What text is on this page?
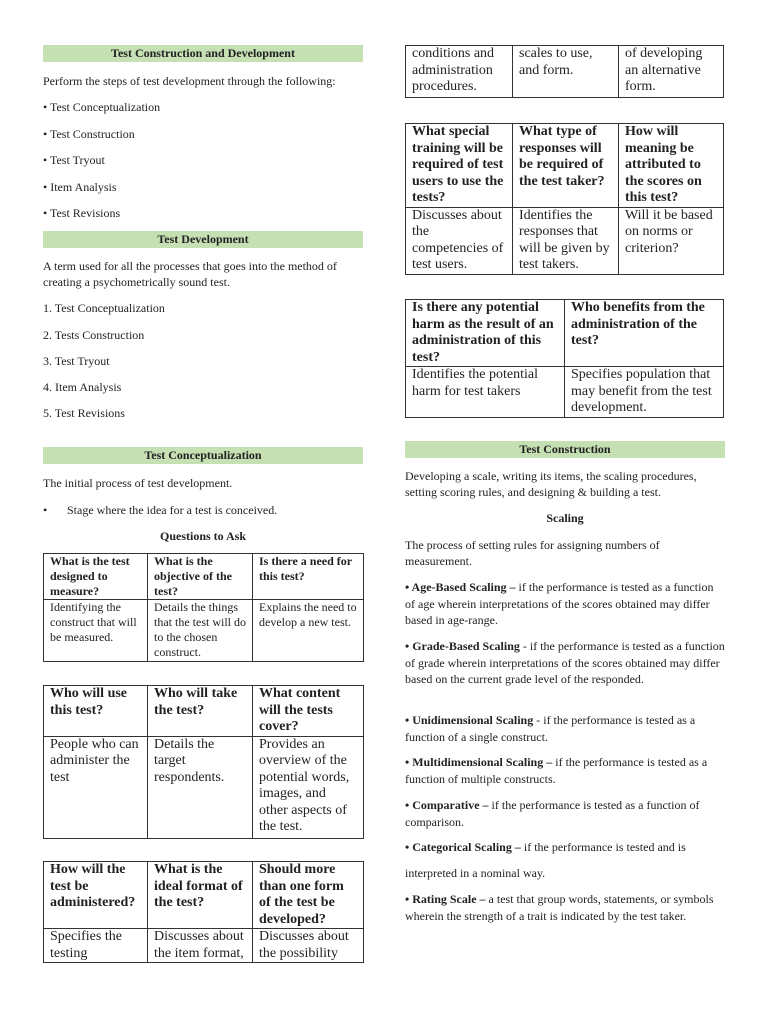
Test Construction and Development
Perform the steps of test development through the following:
• Test Conceptualization
• Test Construction
• Test Tryout
• Item Analysis
• Test Revisions
Test Development
A term used for all the processes that goes into the method of
creating a psychometrically sound test.
1. Test Conceptualization
2. Tests Construction
3. Test Tryout
4. Item Analysis
5. Test Revisions
Test Conceptualization
The initial process of test development.
• Stage where the idea for a test is conceived.
Questions to Ask
What is the test designed to measure?	What is the objective of the test?	Is there a need for this test?
Identifying the construct that will be measured.	Details the things that the test will do to the chosen construct.	Explains the need to develop a new test.
Who will use this test?	Who will take the test?	What content will the tests cover?
People who can administer the test	Details the target respondents.	Provides an overview of the potential words, images, and other aspects of the test.
How will the test be administered?	What is the ideal format of the test?	Should more than one form of the test be developed?
Specifies the testing	Discusses about the item format,	Discusses about the possibility
conditions and administration procedures.	scales to use, and form.	of developing an alternative form.
What special training will be required of test users to use the tests?	What type of responses will be required of the test taker?	How will meaning be attributed to the scores on this test?
Discusses about the competencies of test users.	Identifies the responses that will be given by test takers.	Will it be based on norms or criterion?
Is there any potential harm as the result of an administration of this test?	Who benefits from the administration of the test?
Identifies the potential harm for test takers	Specifies population that may benefit from the test development.
Test Construction
Developing a scale, writing its items, the scaling procedures,
setting scoring rules, and designing & building a test.
Scaling
The process of setting rules for assigning numbers of
measurement.
• Age-Based Scaling – if the performance is tested as a function of age wherein interpretations of the scores obtained may differ based in age-range.
• Grade-Based Scaling - if the performance is tested as a function of grade wherein interpretations of the scores obtained may differ based on the current grade level of the responded.
• Unidimensional Scaling - if the performance is tested as a function of a single construct.
• Multidimensional Scaling – if the performance is tested as a function of multiple constructs.
• Comparative – if the performance is tested as a function of comparison.
• Categorical Scaling – if the performance is tested and is
interpreted in a nominal way.
• Rating Scale – a test that group words, statements, or symbols wherein the strength of a trait is indicated by the test taker.
